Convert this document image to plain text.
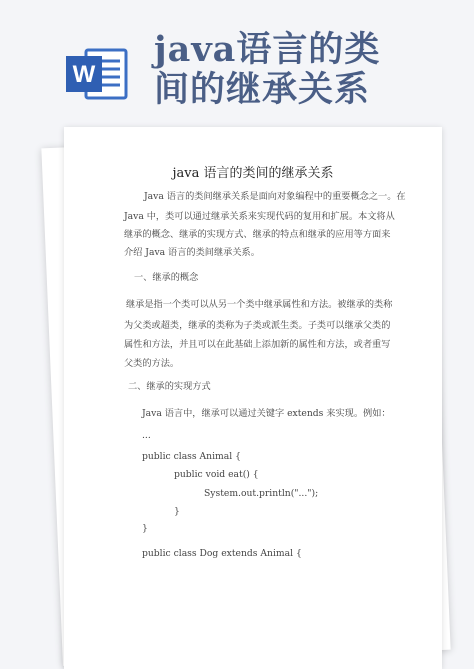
W
java语言的类
间的继承关系
java 语言的类间的继承关系
Java 语言的类间继承关系是面向对象编程中的重要概念之一。在
Java 中，类可以通过继承关系来实现代码的复用和扩展。本文将从
继承的概念、继承的实现方式、继承的特点和继承的应用等方面来
介绍 Java 语言的类间继承关系。
一、继承的概念
继承是指一个类可以从另一个类中继承属性和方法。被继承的类称
为父类或超类，继承的类称为子类或派生类。子类可以继承父类的
属性和方法，并且可以在此基础上添加新的属性和方法，或者重写
父类的方法。
二、继承的实现方式
Java 语言中，继承可以通过关键字 extends 来实现。例如：
...
public class Animal {
public void eat() {
System.out.println("...");
}
}
public class Dog extends Animal {
